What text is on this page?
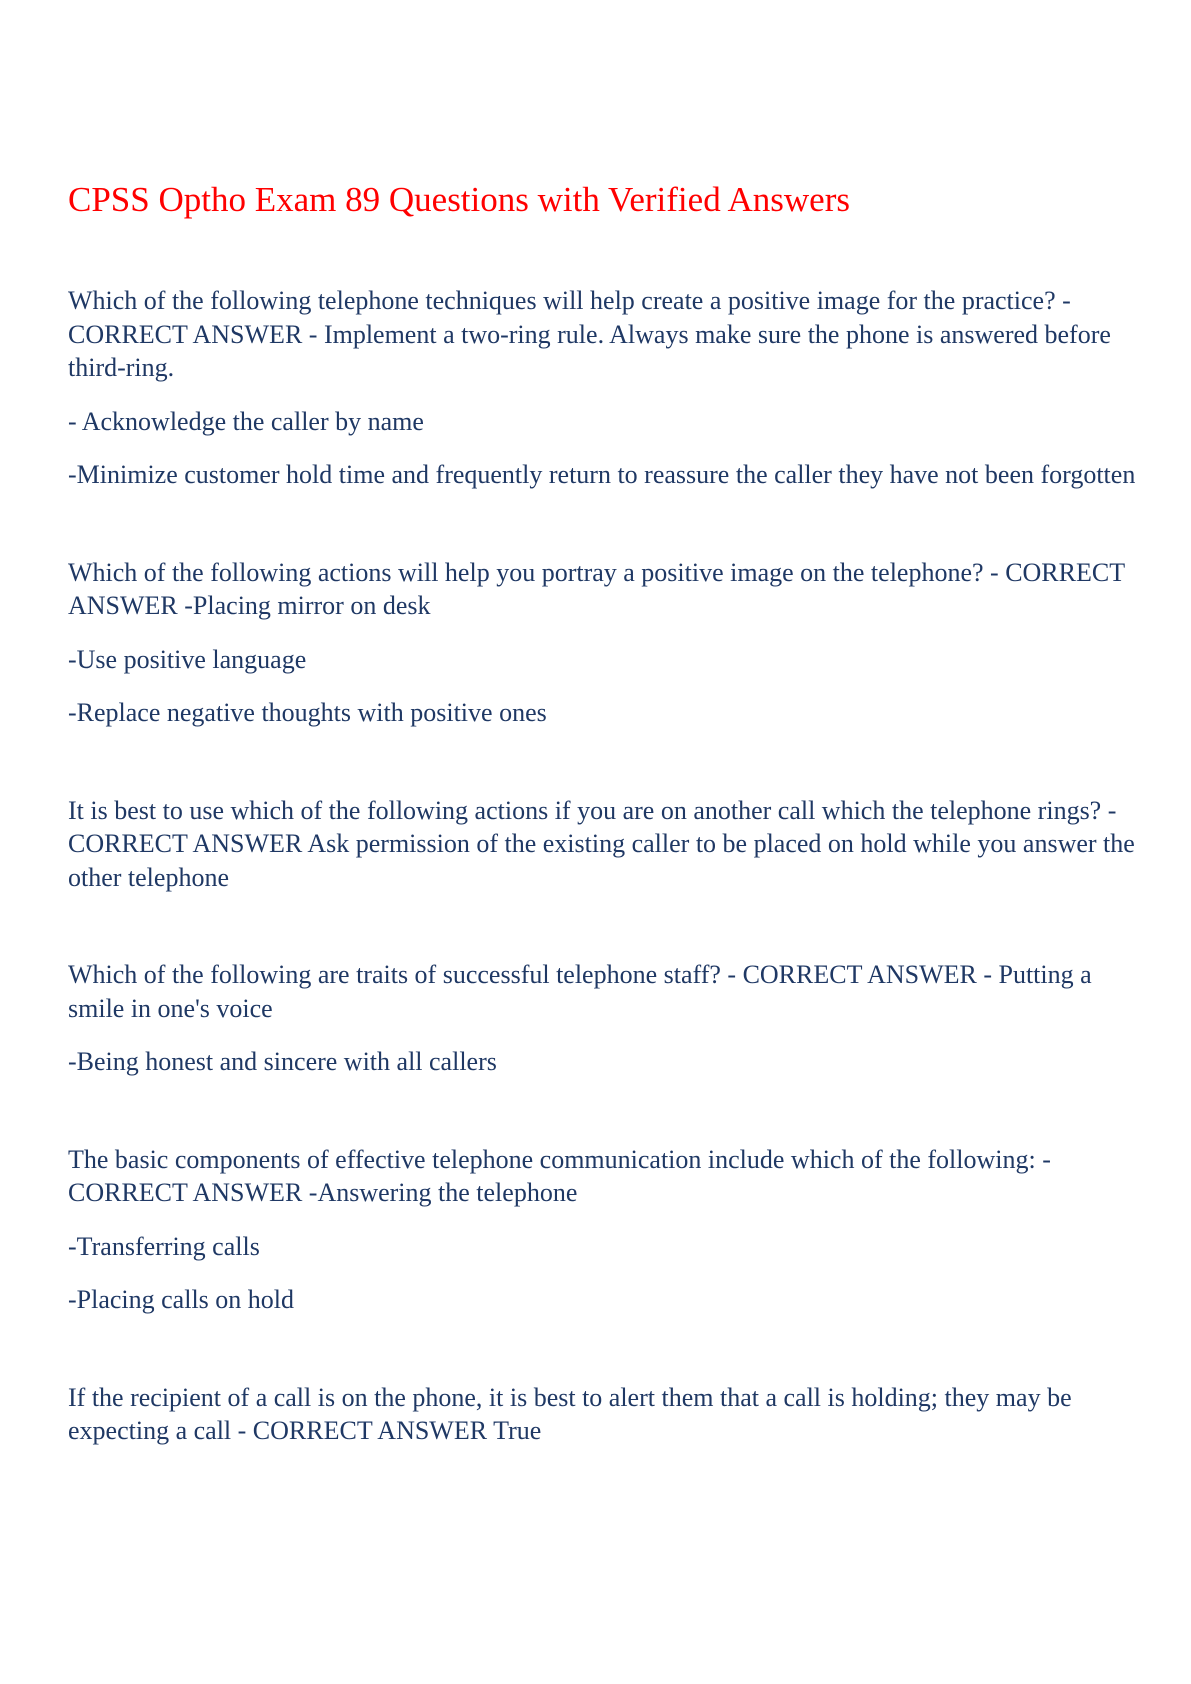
CPSS Optho Exam 89 Questions with Verified Answers

Which of the following telephone techniques will help create a positive image for the practice? - CORRECT ANSWER - Implement a two-ring rule. Always make sure the phone is answered before third-ring.

- Acknowledge the caller by name

-Minimize customer hold time and frequently return to reassure the caller they have not been forgotten

Which of the following actions will help you portray a positive image on the telephone? - CORRECT ANSWER -Placing mirror on desk

-Use positive language

-Replace negative thoughts with positive ones

It is best to use which of the following actions if you are on another call which the telephone rings? - CORRECT ANSWER Ask permission of the existing caller to be placed on hold while you answer the other telephone

Which of the following are traits of successful telephone staff? - CORRECT ANSWER - Putting a smile in one's voice

-Being honest and sincere with all callers

The basic components of effective telephone communication include which of the following: - CORRECT ANSWER -Answering the telephone

-Transferring calls

-Placing calls on hold

If the recipient of a call is on the phone, it is best to alert them that a call is holding; they may be expecting a call - CORRECT ANSWER True
